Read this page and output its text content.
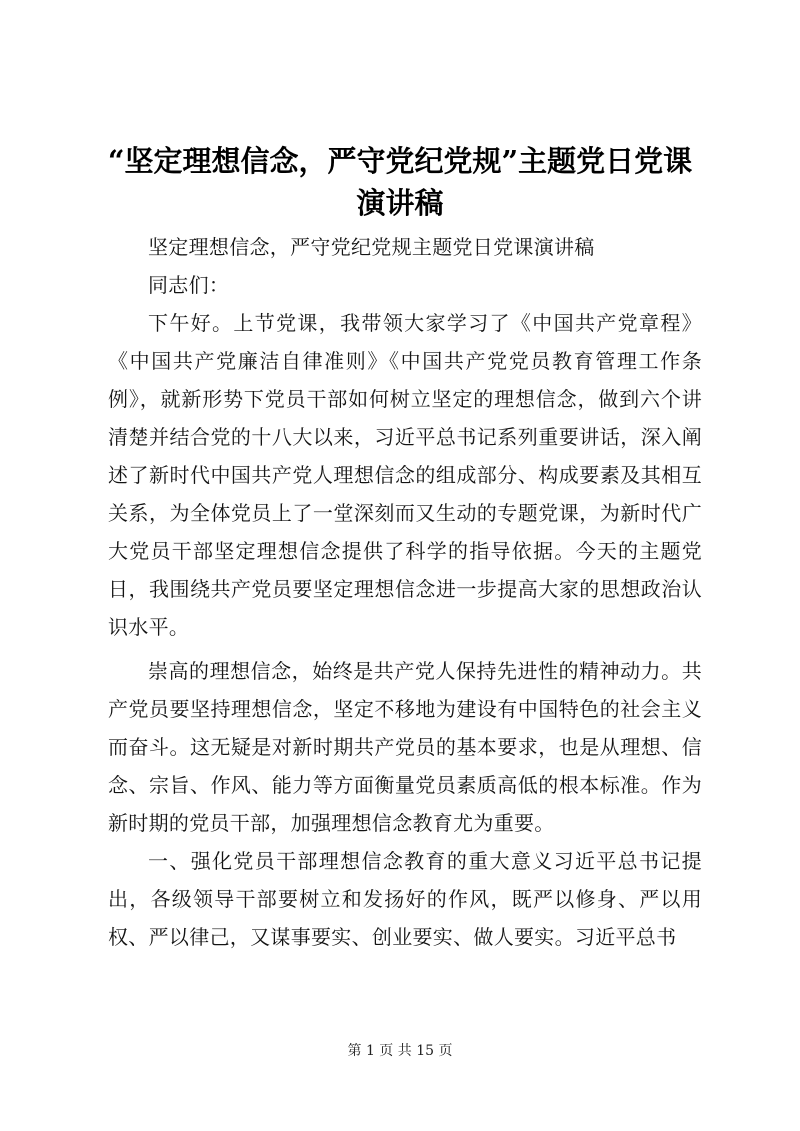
“坚定理想信念，严守党纪党规”主题党日党课演讲稿

坚定理想信念，严守党纪党规主题党日党课演讲稿

同志们：

下午好。上节党课，我带领大家学习了《中国共产党章程》《中国共产党廉洁自律准则》《中国共产党党员教育管理工作条例》，就新形势下党员干部如何树立坚定的理想信念，做到六个讲清楚并结合党的十八大以来，习近平总书记系列重要讲话，深入阐述了新时代中国共产党人理想信念的组成部分、构成要素及其相互关系，为全体党员上了一堂深刻而又生动的专题党课，为新时代广大党员干部坚定理想信念提供了科学的指导依据。今天的主题党日，我围绕共产党员要坚定理想信念进一步提高大家的思想政治认识水平。

崇高的理想信念，始终是共产党人保持先进性的精神动力。共产党员要坚持理想信念，坚定不移地为建设有中国特色的社会主义而奋斗。这无疑是对新时期共产党员的基本要求，也是从理想、信念、宗旨、作风、能力等方面衡量党员素质高低的根本标准。作为新时期的党员干部，加强理想信念教育尤为重要。

一、强化党员干部理想信念教育的重大意义习近平总书记提出，各级领导干部要树立和发扬好的作风，既严以修身、严以用权、严以律己，又谋事要实、创业要实、做人要实。习近平总书

第 1 页 共 15 页
